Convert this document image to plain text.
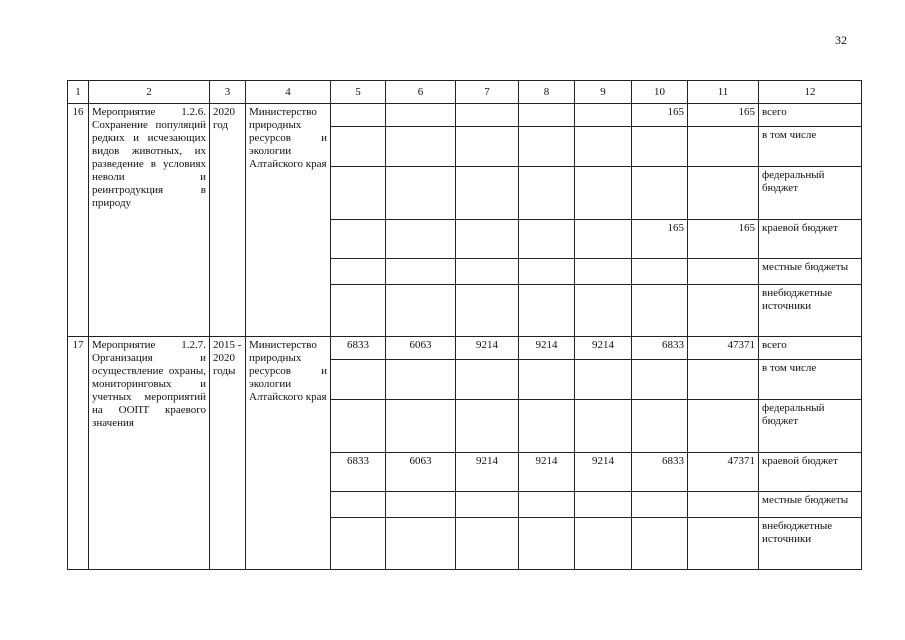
32
1	2	3	4	5	6	7	8	9	10	11	12
16	Мероприятие 1.2.6. Сохранение популяций редких и исчезающих видов животных, их разведение в условиях неволи и реинтродукция в природу	2020 год	Министерство природных ресурсов и экологии Алтайского края						165	165	всего
											в том числе
											федеральный бюджет
									165	165	краевой бюджет
											местные бюджеты
											внебюджетные источники
17	Мероприятие 1.2.7. Организация и осуществление охраны, мониторинговых и учетных мероприятий на ООПТ краевого значения	2015 - 2020 годы	Министерство природных ресурсов и экологии Алтайского края	6833	6063	9214	9214	9214	6833	47371	всего
											в том числе
											федеральный бюджет
				6833	6063	9214	9214	9214	6833	47371	краевой бюджет
											местные бюджеты
											внебюджетные источники
